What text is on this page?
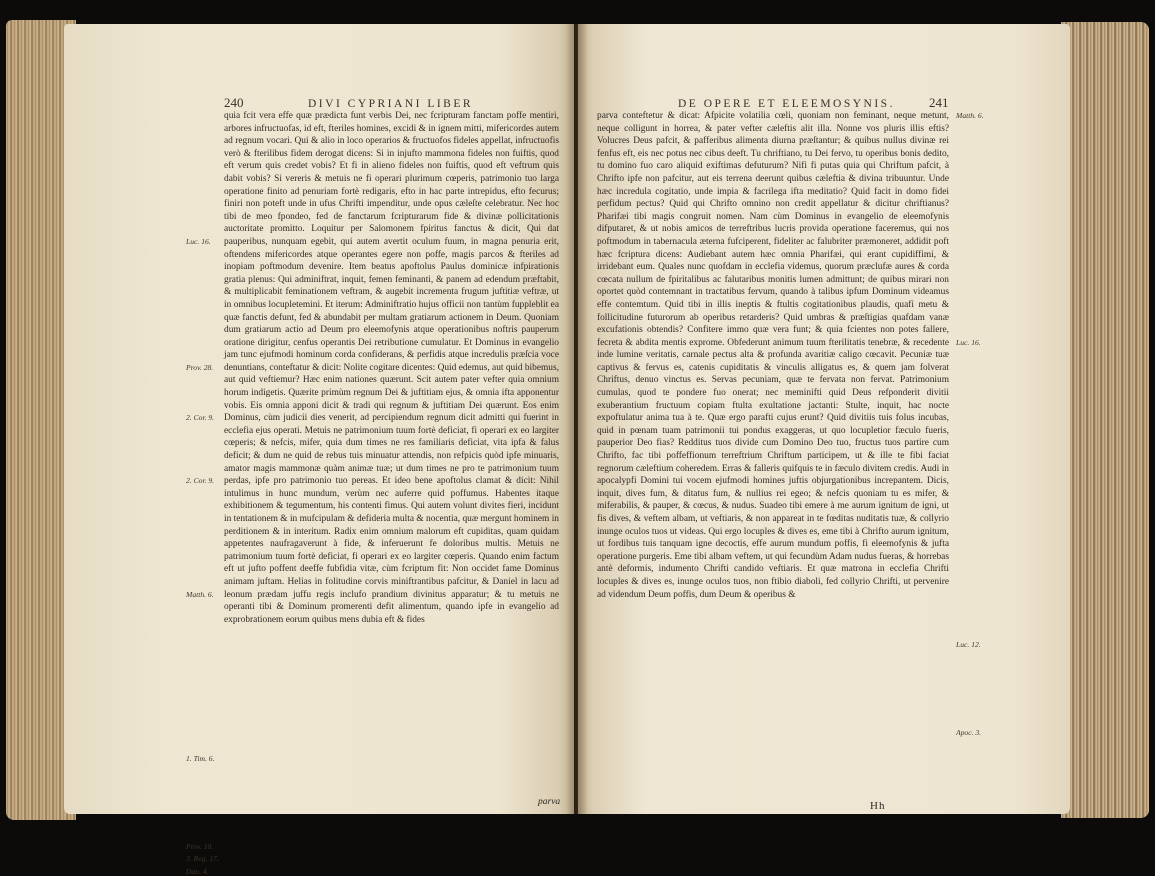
240	DIVI CYPRIANI LIBER

quia fcit vera effe quæ prædicta funt verbis Dei, nec fcripturam fanctam poffe mentiri, arbores infructuofas, id eft, fteriles homines, excidi & in ignem mitti, mifericordes autem ad regnum vocari. Qui & alio in loco operarios & fructuofos fideles appellat, infructuofis verò & fterilibus fidem derogat dicens: Si in injufto mammona fideles non fuiftis, quod eft verum quis credet vobis? Et fi in alieno fideles non fuiftis, quod eft veftrum quis dabit vobis? Si vereris & metuis ne fi operari plurimum cœperis, patrimonio tuo larga operatione finito ad penuriam fortè redigaris, efto in hac parte intrepidus, efto fecurus; finiri non poteft unde in ufus Chrifti impenditur, unde opus cæleſte celebratur. Nec hoc tibi de meo fpondeo, fed de fanctarum fcripturarum fide & divinæ pollicitationis auctoritate promitto. Loquitur per Salomonem fpiritus fanctus & dicit, Qui dat pauperibus, nunquam egebit, qui autem avertit oculum fuum, in magna penuria erit, oftendens mifericordes atque operantes egere non poffe, magis parcos & fteriles ad inopiam poftmodum devenire. Item beatus apoftolus Paulus dominicæ infpirationis gratia plenus: Qui adminiftrat, inquit, femen feminanti, & panem ad edendum præftabit, & multiplicabit feminationem veftram, & augebit incrementa frugum juftitiæ veftræ, ut in omnibus locupletemini. Et iterum: Adminiftratio hujus officii non tantùm fuppleblit ea quæ fanctis defunt, fed & abundabit per multam gratiarum actionem in Deum. Quoniam dum gratiarum actio ad Deum pro eleemofynis atque operationibus noftris pauperum oratione dirigitur, cenfus operantis Dei retributione cumulatur. Et Dominus in evangelio jam tunc ejufmodi hominum corda confiderans, & perfidis atque incredulis præſcia voce denuntians, conteftatur & dicit: Nolite cogitare dicentes: Quid edemus, aut quid bibemus, aut quid veftiemur? Hæc enim nationes quærunt. Scit autem pater vefter quia omnium horum indigetis. Quærite primùm regnum Dei & juftitiam ejus, & omnia ifta apponentur vobis. Eis omnia apponi dicit & tradi qui regnum & juftitiam Dei quærunt. Eos enim Dominus, cùm judicii dies venerit, ad percipiendum regnum dicit admitti qui fuerint in ecclefia ejus operati. Metuis ne patrimonium tuum fortè deficiat, fi operari ex eo largiter cœperis; & nefcis, mifer, quia dum times ne res familiaris deficiat, vita ipfa & falus deficit; & dum ne quid de rebus tuis minuatur attendis, non refpicis quòd ipfe minuaris, amator magis mammonæ quàm animæ tuæ; ut dum times ne pro te patrimonium tuum perdas, ipfe pro patrimonio tuo pereas. Et ideo bene apoftolus clamat & dicit: Nihil intulimus in hunc mundum, verùm nec auferre quid poffumus. Habentes itaque exhibitionem & tegumentum, his contenti fimus. Qui autem volunt divites fieri, incidunt in tentationem & in mufcipulam & defideria multa & nocentia, quæ mergunt hominem in perditionem & in interitum. Radix enim omnium malorum eft cupiditas, quam quidam appetentes naufragaverunt à fide, & inferuerunt fe doloribus multis. Metuis ne patrimonium tuum fortè deficiat, fi operari ex eo largiter cœperis. Quando enim factum eft ut jufto poffent deeffe fubfidia vitæ, cùm fcriptum fit: Non occidet fame Dominus animam juftam. Helias in folitudine corvis miniftrantibus pafcitur, & Daniel in lacu ad leonum prædam juffu regis inclufo prandium divinitus apparatur; & tu metuis ne operanti tibi & Dominum promerenti defit alimentum, quando ipfe in evangelio ad exprobrationem eorum quibus mens dubia eft & fides

Luc. 16.
Prov. 28.
2. Cor. 9.
2. Cor. 9.
Matth. 6.
1. Tim. 6.
Prov. 10.
3. Reg. 17.
Dan. 4.
parva
DE OPERE ET ELEEMOSYNIS.	241

parva conteftetur & dicat: Afpicite volatilia cœli, quoniam non feminant, neque metunt, neque colligunt in horrea, & pater vefter cæleftis alit illa. Nonne vos pluris illis eftis? Volucres Deus pafcit, & pafferibus alimenta diurna præſtantur; & quibus nullus divinæ rei fenfus eft, eis nec potus nec cibus deeft. Tu chriftiano, tu Dei fervo, tu operibus bonis dedito, tu domino fuo caro aliquid exiftimas defuturum? Nifi fi putas quia qui Chriftum pafcit, à Chrifto ipfe non pafcitur, aut eis terrena deerunt quibus cæleftia & divina tribuuntur. Unde hæc incredula cogitatio, unde impia & facrilega ifta meditatio? Quid facit in domo fidei perfidum pectus? Quid qui Chrifto omnino non credit appellatur & dicitur chriftianus? Pharifæi tibi magis congruit nomen. Nam cùm Dominus in evangelio de eleemofynis difputaret, & ut nobis amicos de terreftribus lucris provida operatione faceremus, qui nos poftmodum in tabernacula æterna fufciperent, fideliter ac falubriter præmoneret, addidit poft hæc fcriptura dicens: Audiebant autem hæc omnia Pharifæi, qui erant cupidiffimi, & irridebant eum. Quales nunc quofdam in ecclefia videmus, quorum præclufæ aures & corda cœcata nullum de fpiritalibus ac falutaribus monitis lumen admittunt; de quibus mirari non oportet quòd contemnant in tractatibus fervum, quando à talibus ipfum Dominum videamus effe contemtum. Quid tibi in illis ineptis & ftultis cogitationibus plaudis, quafi metu & follicitudine futurorum ab operibus retarderis? Quid umbras & præſtigias quafdam vanæ excufationis obtendis? Confitere immo quæ vera funt; & quia fcientes non potes fallere, fecreta & abdita mentis exprome. Obfederunt animum tuum fterilitatis tenebræ, & recedente inde lumine veritatis, carnale pectus alta & profunda avaritiæ caligo cœcavit. Pecuniæ tuæ captivus & fervus es, catenis cupiditatis & vinculis alligatus es, & quem jam folverat Chriftus, denuo vinctus es. Servas pecuniam, quæ te fervata non fervat. Patrimonium cumulas, quod te pondere fuo onerat; nec meminifti quid Deus refponderit divitii exuberantium fructuum copiam ftulta exultatione jactanti: Stulte, inquit, hac nocte expoftulatur anima tua à te. Quæ ergo parafti cujus erunt? Quid divitiis tuis folus incubas, quid in pœnam tuam patrimonii tui pondus exaggeras, ut quo locupletior fæculo fueris, pauperior Deo fias? Redditus tuos divide cum Domino Deo tuo, fructus tuos partire cum Chrifto, fac tibi poffeffionum terreftrium Chriftum participem, ut & ille te fibi faciat regnorum cæleftium coheredem. Erras & falleris quifquis te in fæculo divitem credis. Audi in apocalypfi Domini tui vocem ejufmodi homines juftis objurgationibus increpantem. Dicis, inquit, dives fum, & ditatus fum, & nullius rei egeo; & nefcis quoniam tu es mifer, & miferabilis, & pauper, & cœcus, & nudus. Suadeo tibi emere à me aurum ignitum de igni, ut fis dives, & veftem albam, ut veftiaris, & non appareat in te fœditas nuditatis tuæ, & collyrio inunge oculos tuos ut videas. Qui ergo locuples & dives es, eme tibi à Chrifto aurum ignitum, ut fordibus tuis tanquam igne decoctis, effe aurum mundum poffis, fi eleemofynis & jufta operatione purgeris. Eme tibi albam veftem, ut qui fecundùm Adam nudus fueras, & horrebas antè deformis, indumento Chrifti candido veftiaris. Et quæ matrona in ecclefia Chrifti locuples & dives es, inunge oculos tuos, non ftibio diaboli, fed collyrio Chrifti, ut pervenire ad videndum Deum poffis, dum Deum & operibus &

Matth. 6.
Luc. 16.
Luc. 12.
Apoc. 3.
Hh
